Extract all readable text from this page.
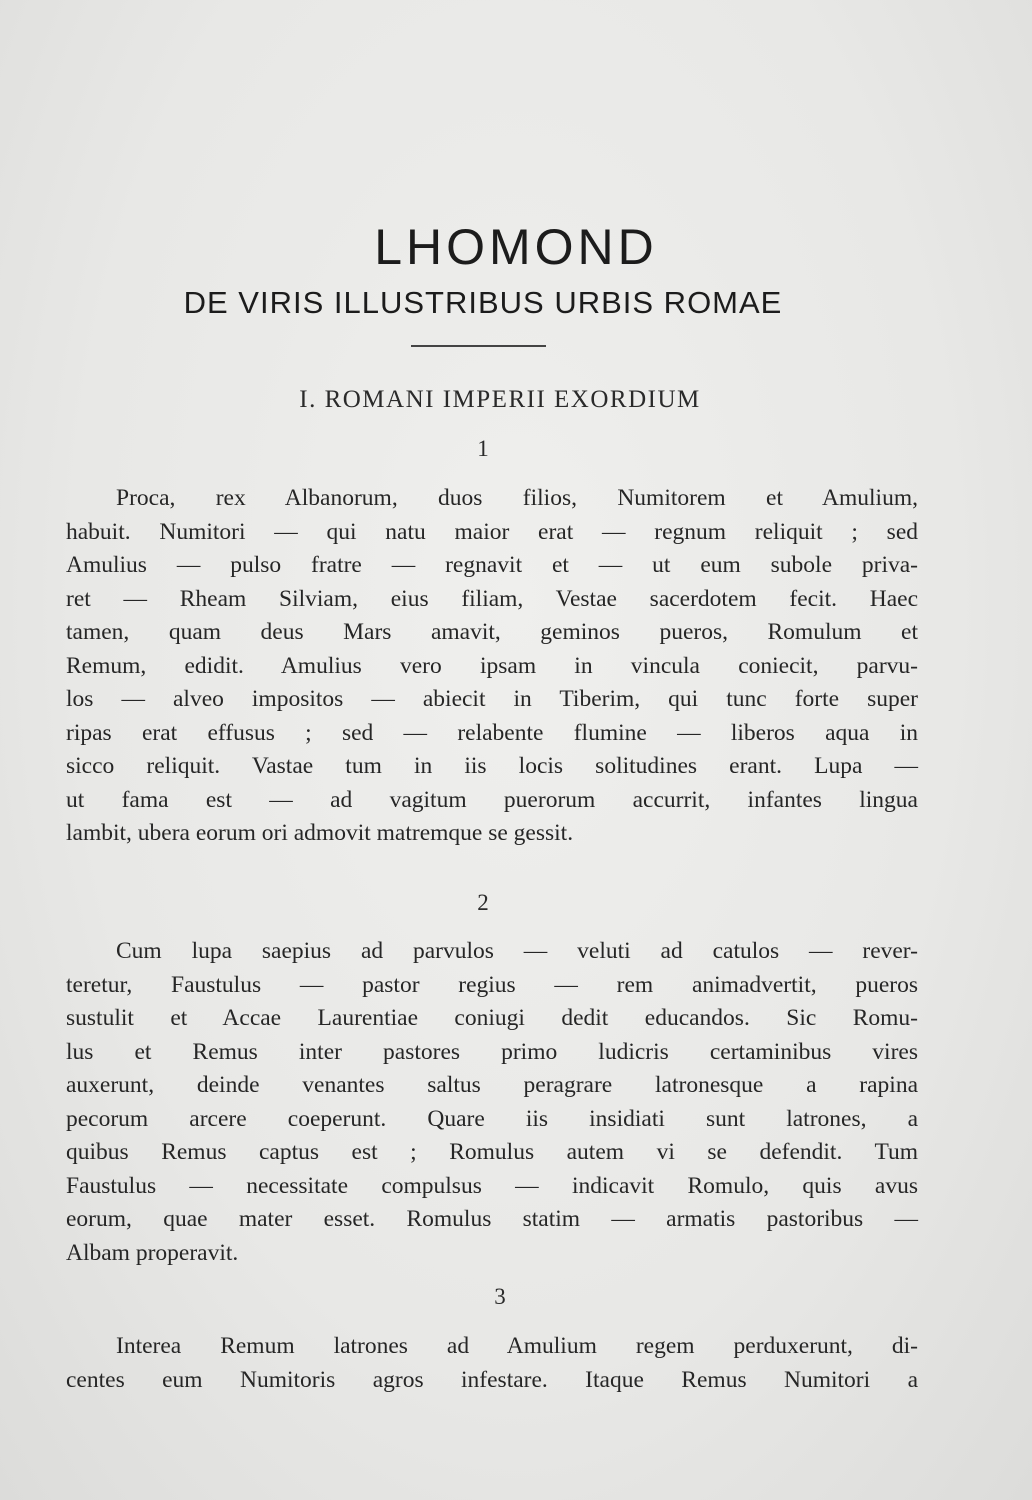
LHOMOND
DE VIRIS ILLUSTRIBUS URBIS ROMAE
I. ROMANI IMPERII EXORDIUM
1
Proca, rex Albanorum, duos filios, Numitorem et Amulium,
habuit. Numitori — qui natu maior erat — regnum reliquit ; sed
Amulius — pulso fratre — regnavit et — ut eum subole priva-
ret — Rheam Silviam, eius filiam, Vestae sacerdotem fecit. Haec
tamen, quam deus Mars amavit, geminos pueros, Romulum et
Remum, edidit. Amulius vero ipsam in vincula coniecit, parvu-
los — alveo impositos — abiecit in Tiberim, qui tunc forte super
ripas erat effusus ; sed — relabente flumine — liberos aqua in
sicco reliquit. Vastae tum in iis locis solitudines erant. Lupa —
ut fama est — ad vagitum puerorum accurrit, infantes lingua
lambit, ubera eorum ori admovit matremque se gessit.
2
Cum lupa saepius ad parvulos — veluti ad catulos — rever-
teretur, Faustulus — pastor regius — rem animadvertit, pueros
sustulit et Accae Laurentiae coniugi dedit educandos. Sic Romu-
lus et Remus inter pastores primo ludicris certaminibus vires
auxerunt, deinde venantes saltus peragrare latronesque a rapina
pecorum arcere coeperunt. Quare iis insidiati sunt latrones, a
quibus Remus captus est ; Romulus autem vi se defendit. Tum
Faustulus — necessitate compulsus — indicavit Romulo, quis avus
eorum, quae mater esset. Romulus statim — armatis pastoribus —
Albam properavit.
3
Interea Remum latrones ad Amulium regem perduxerunt, di-
centes eum Numitoris agros infestare. Itaque Remus Numitori a
